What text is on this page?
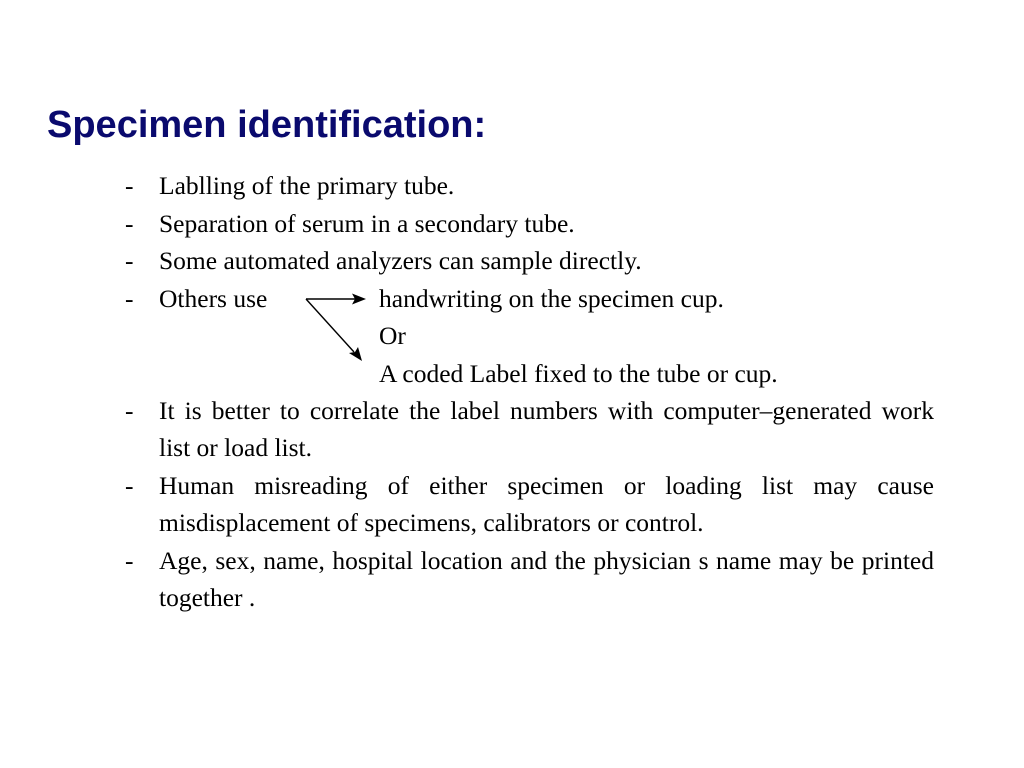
Specimen identification:
- Lablling of the primary tube.
- Separation of serum in a secondary tube.
- Some automated analyzers can sample directly.
- Others use	handwriting on the specimen cup.
Or
A coded Label fixed to the tube or cup.
- It is better to correlate the label numbers with computer–generated work list or load list.
- Human misreading of either specimen or loading list may cause misdisplacement of specimens, calibrators or control.
- Age, sex, name, hospital location and the physician s name may be printed together .
